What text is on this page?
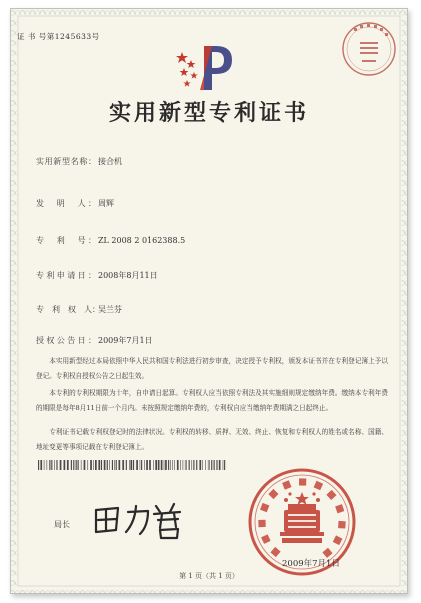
证 书 号第1245633号
实用新型专利证书
实用新型名称： 接合机
发　明　人： 周辉
专　利　号： ZL 2008 2 0162388.5
专利申请日： 2008年8月11日
专　利　权　人：吴兰芬
授权公告日： 2009年7月1日

本实用新型经过本局依照中华人民共和国专利法进行初步审查，决定授予专利权，颁发本证书并在专利登记簿上予以登记。专利权自授权公告之日起生效。

本专利的专利权期限为十年，自申请日起算。专利权人应当依照专利法及其实施细则规定缴纳年费。缴纳本专利年费的期限是每年8月11日前一个月内。未按照规定缴纳年费的，专利权自应当缴纳年费期满之日起终止。

专利证书记载专利权登记时的法律状况。专利权的转移、质押、无效、终止、恢复和专利权人的姓名或名称、国籍、地址变更等事项记载在专利登记簿上。

局长
2009年7月1日
第 1 页（共 1 页）
